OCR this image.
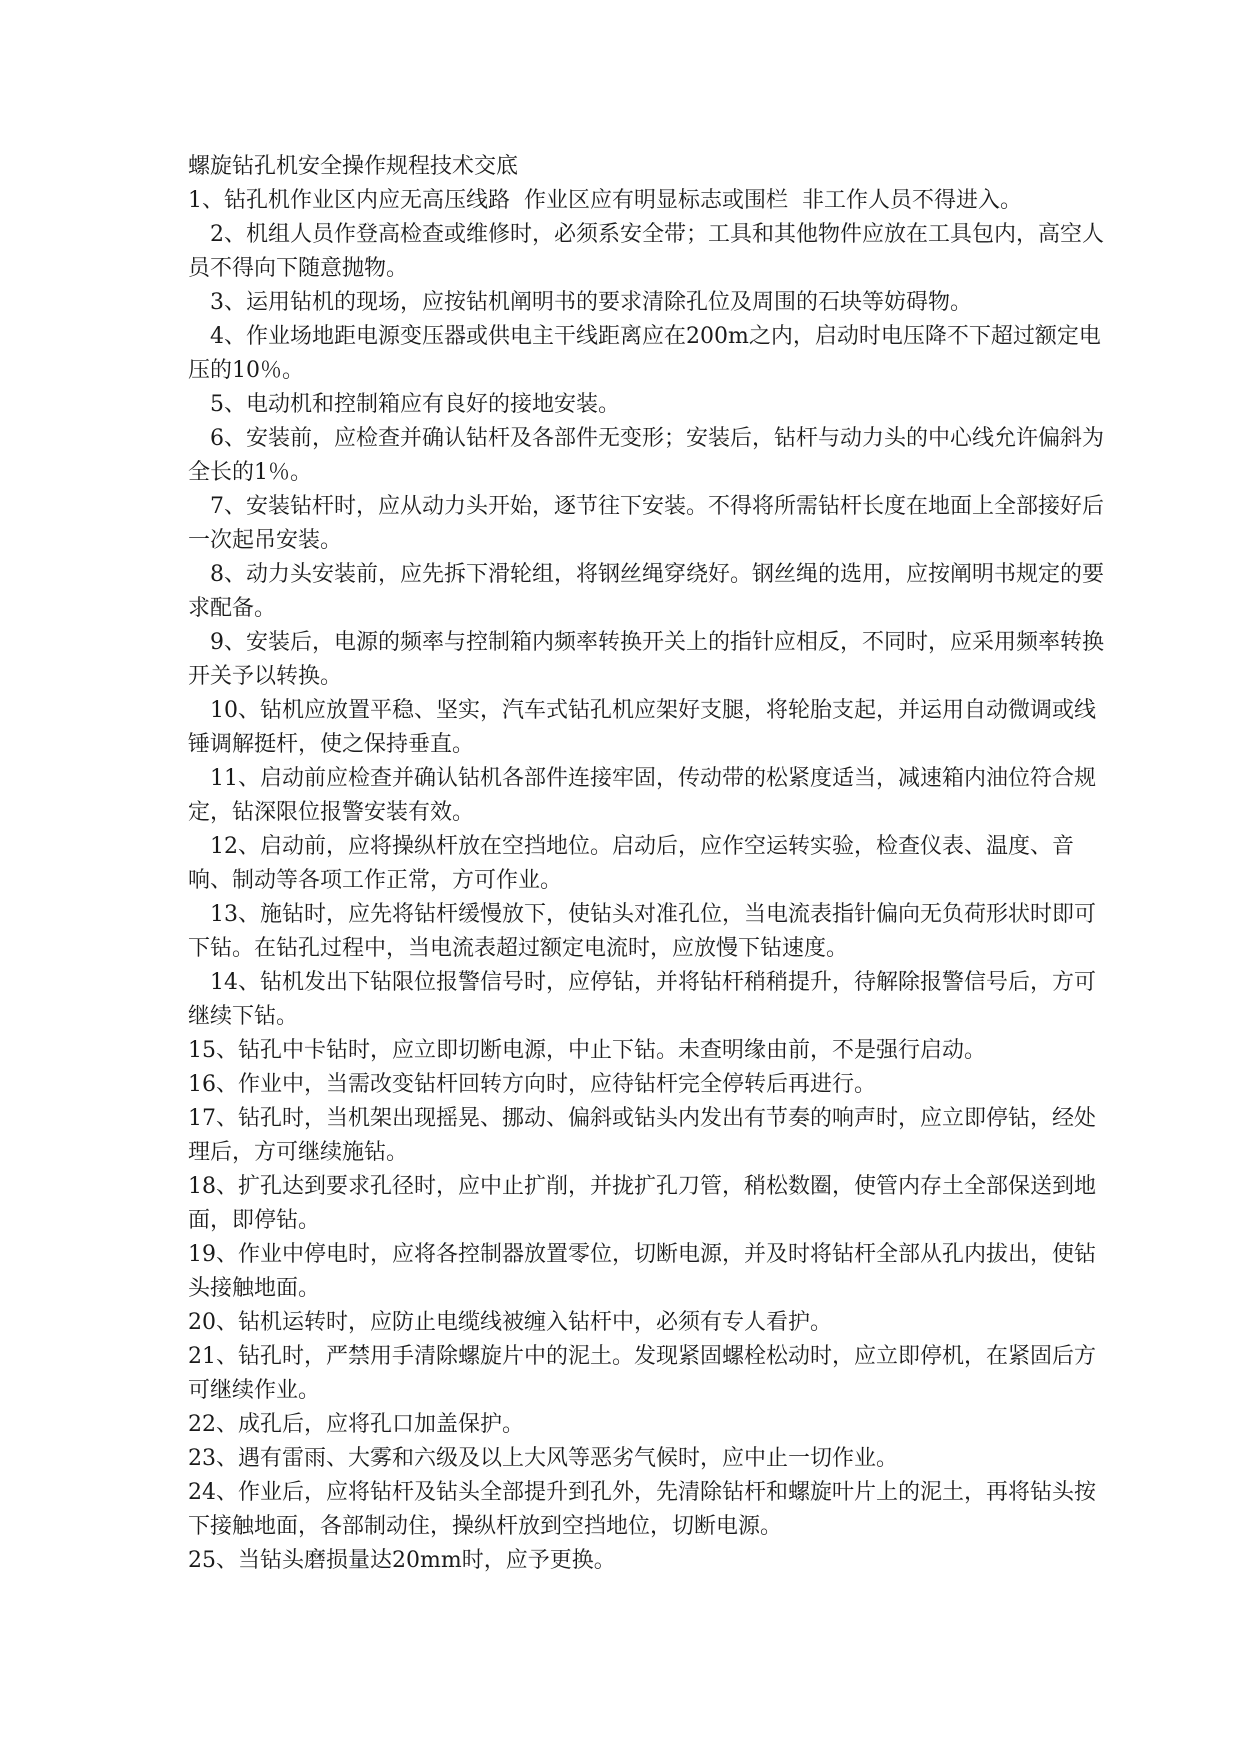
螺旋钻孔机安全操作规程技术交底

1、钻孔机作业区内应无高压线路  作业区应有明显标志或围栏  非工作人员不得进入。

2、机组人员作登高检查或维修时，必须系安全带；工具和其他物件应放在工具包内，高空人员不得向下随意抛物。

3、运用钻机的现场，应按钻机阐明书的要求清除孔位及周围的石块等妨碍物。

4、作业场地距电源变压器或供电主干线距离应在200m之内，启动时电压降不下超过额定电压的10％。

5、电动机和控制箱应有良好的接地安装。

6、安装前，应检查并确认钻杆及各部件无变形；安装后，钻杆与动力头的中心线允许偏斜为全长的1％。

7、安装钻杆时，应从动力头开始，逐节往下安装。不得将所需钻杆长度在地面上全部接好后一次起吊安装。

8、动力头安装前，应先拆下滑轮组，将钢丝绳穿绕好。钢丝绳的选用，应按阐明书规定的要求配备。

9、安装后，电源的频率与控制箱内频率转换开关上的指针应相反，不同时，应采用频率转换开关予以转换。

10、钻机应放置平稳、坚实，汽车式钻孔机应架好支腿，将轮胎支起，并运用自动微调或线锤调解挺杆，使之保持垂直。

11、启动前应检查并确认钻机各部件连接牢固，传动带的松紧度适当，减速箱内油位符合规定，钻深限位报警安装有效。

12、启动前，应将操纵杆放在空挡地位。启动后，应作空运转实验，检查仪表、温度、音响、制动等各项工作正常，方可作业。

13、施钻时，应先将钻杆缓慢放下，使钻头对准孔位，当电流表指针偏向无负荷形状时即可下钻。在钻孔过程中，当电流表超过额定电流时，应放慢下钻速度。

14、钻机发出下钻限位报警信号时，应停钻，并将钻杆稍稍提升，待解除报警信号后，方可继续下钻。

15、钻孔中卡钻时，应立即切断电源，中止下钻。未查明缘由前，不是强行启动。

16、作业中，当需改变钻杆回转方向时，应待钻杆完全停转后再进行。

17、钻孔时，当机架出现摇晃、挪动、偏斜或钻头内发出有节奏的响声时，应立即停钻，经处理后，方可继续施钻。

18、扩孔达到要求孔径时，应中止扩削，并拢扩孔刀管，稍松数圈，使管内存土全部保送到地面，即停钻。

19、作业中停电时，应将各控制器放置零位，切断电源，并及时将钻杆全部从孔内拔出，使钻头接触地面。

20、钻机运转时，应防止电缆线被缠入钻杆中，必须有专人看护。

21、钻孔时，严禁用手清除螺旋片中的泥土。发现紧固螺栓松动时，应立即停机，在紧固后方可继续作业。

22、成孔后，应将孔口加盖保护。

23、遇有雷雨、大雾和六级及以上大风等恶劣气候时，应中止一切作业。

24、作业后，应将钻杆及钻头全部提升到孔外，先清除钻杆和螺旋叶片上的泥土，再将钻头按下接触地面，各部制动住，操纵杆放到空挡地位，切断电源。

25、当钻头磨损量达20mm时，应予更换。
